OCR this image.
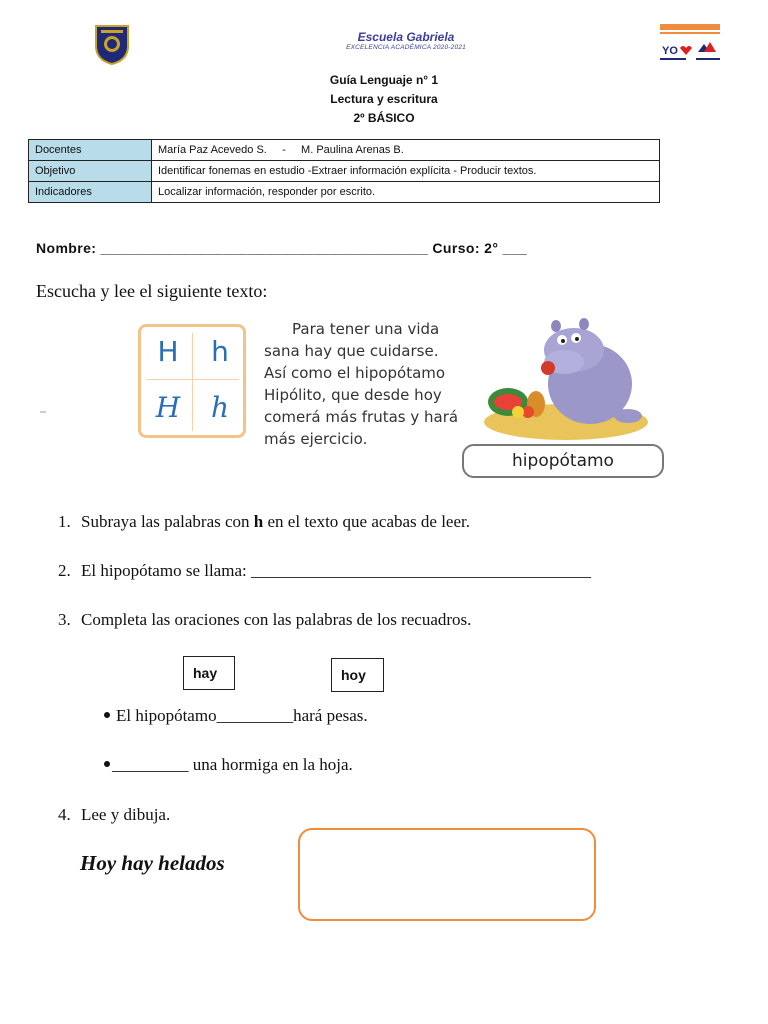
Escuela Gabriela
EXCELENCIA ACADÉMICA 2020-2021	YO
Guía Lenguaje n° 1
Lectura y escritura
2º BÁSICO
Docentes	María Paz Acevedo S.     -     M. Paulina Arenas B.
Objetivo	Identificar fonemas en estudio -Extraer información explícita - Producir textos.
Indicadores	Localizar información, responder por escrito.
Nombre: ________________________________________ Curso: 2° ___
Escucha y lee el siguiente texto:
H	h
H	h
Para tener una vida
sana hay que cuidarse.
Así como el hipopótamo
Hipólito, que desde hoy
comerá más frutas y hará
más ejercicio.
hipopótamo
1. Subraya las palabras con h en el texto que acabas de leer.
2. El hipopótamo se llama: ________________________________________
3. Completa las oraciones con las palabras de los recuadros.
hay	hoy
El hipopótamo_________hará pesas.
_________ una hormiga en la hoja.
4. Lee y dibuja.
Hoy hay helados
